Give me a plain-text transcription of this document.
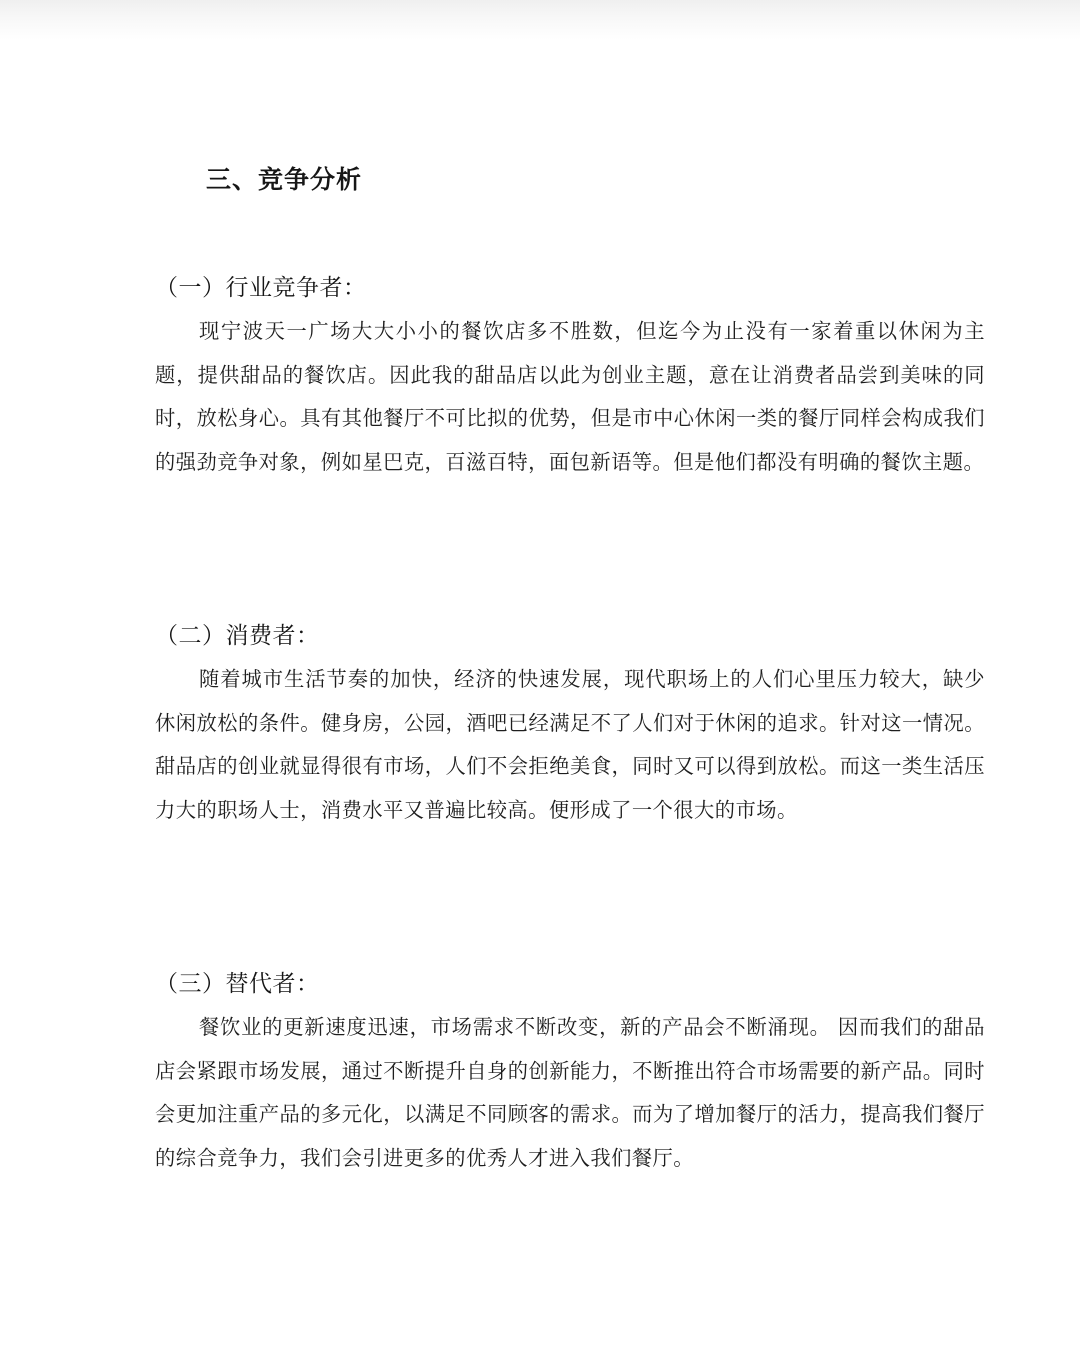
三、竞争分析
（一）行业竞争者：

现宁波天一广场大大小小的餐饮店多不胜数，但迄今为止没有一家着重以休闲为主题，提供甜品的餐饮店。因此我的甜品店以此为创业主题，意在让消费者品尝到美味的同时，放松身心。具有其他餐厅不可比拟的优势，但是市中心休闲一类的餐厅同样会构成我们的强劲竞争对象，例如星巴克，百滋百特，面包新语等。但是他们都没有明确的餐饮主题。

（二）消费者：

随着城市生活节奏的加快，经济的快速发展，现代职场上的人们心里压力较大，缺少休闲放松的条件。健身房，公园，酒吧已经满足不了人们对于休闲的追求。针对这一情况。甜品店的创业就显得很有市场，人们不会拒绝美食，同时又可以得到放松。而这一类生活压力大的职场人士，消费水平又普遍比较高。便形成了一个很大的市场。

（三）替代者：

餐饮业的更新速度迅速，市场需求不断改变，新的产品会不断涌现。 因而我们的甜品店会紧跟市场发展，通过不断提升自身的创新能力，不断推出符合市场需要的新产品。同时会更加注重产品的多元化，以满足不同顾客的需求。而为了增加餐厅的活力，提高我们餐厅的综合竞争力，我们会引进更多的优秀人才进入我们餐厅。
